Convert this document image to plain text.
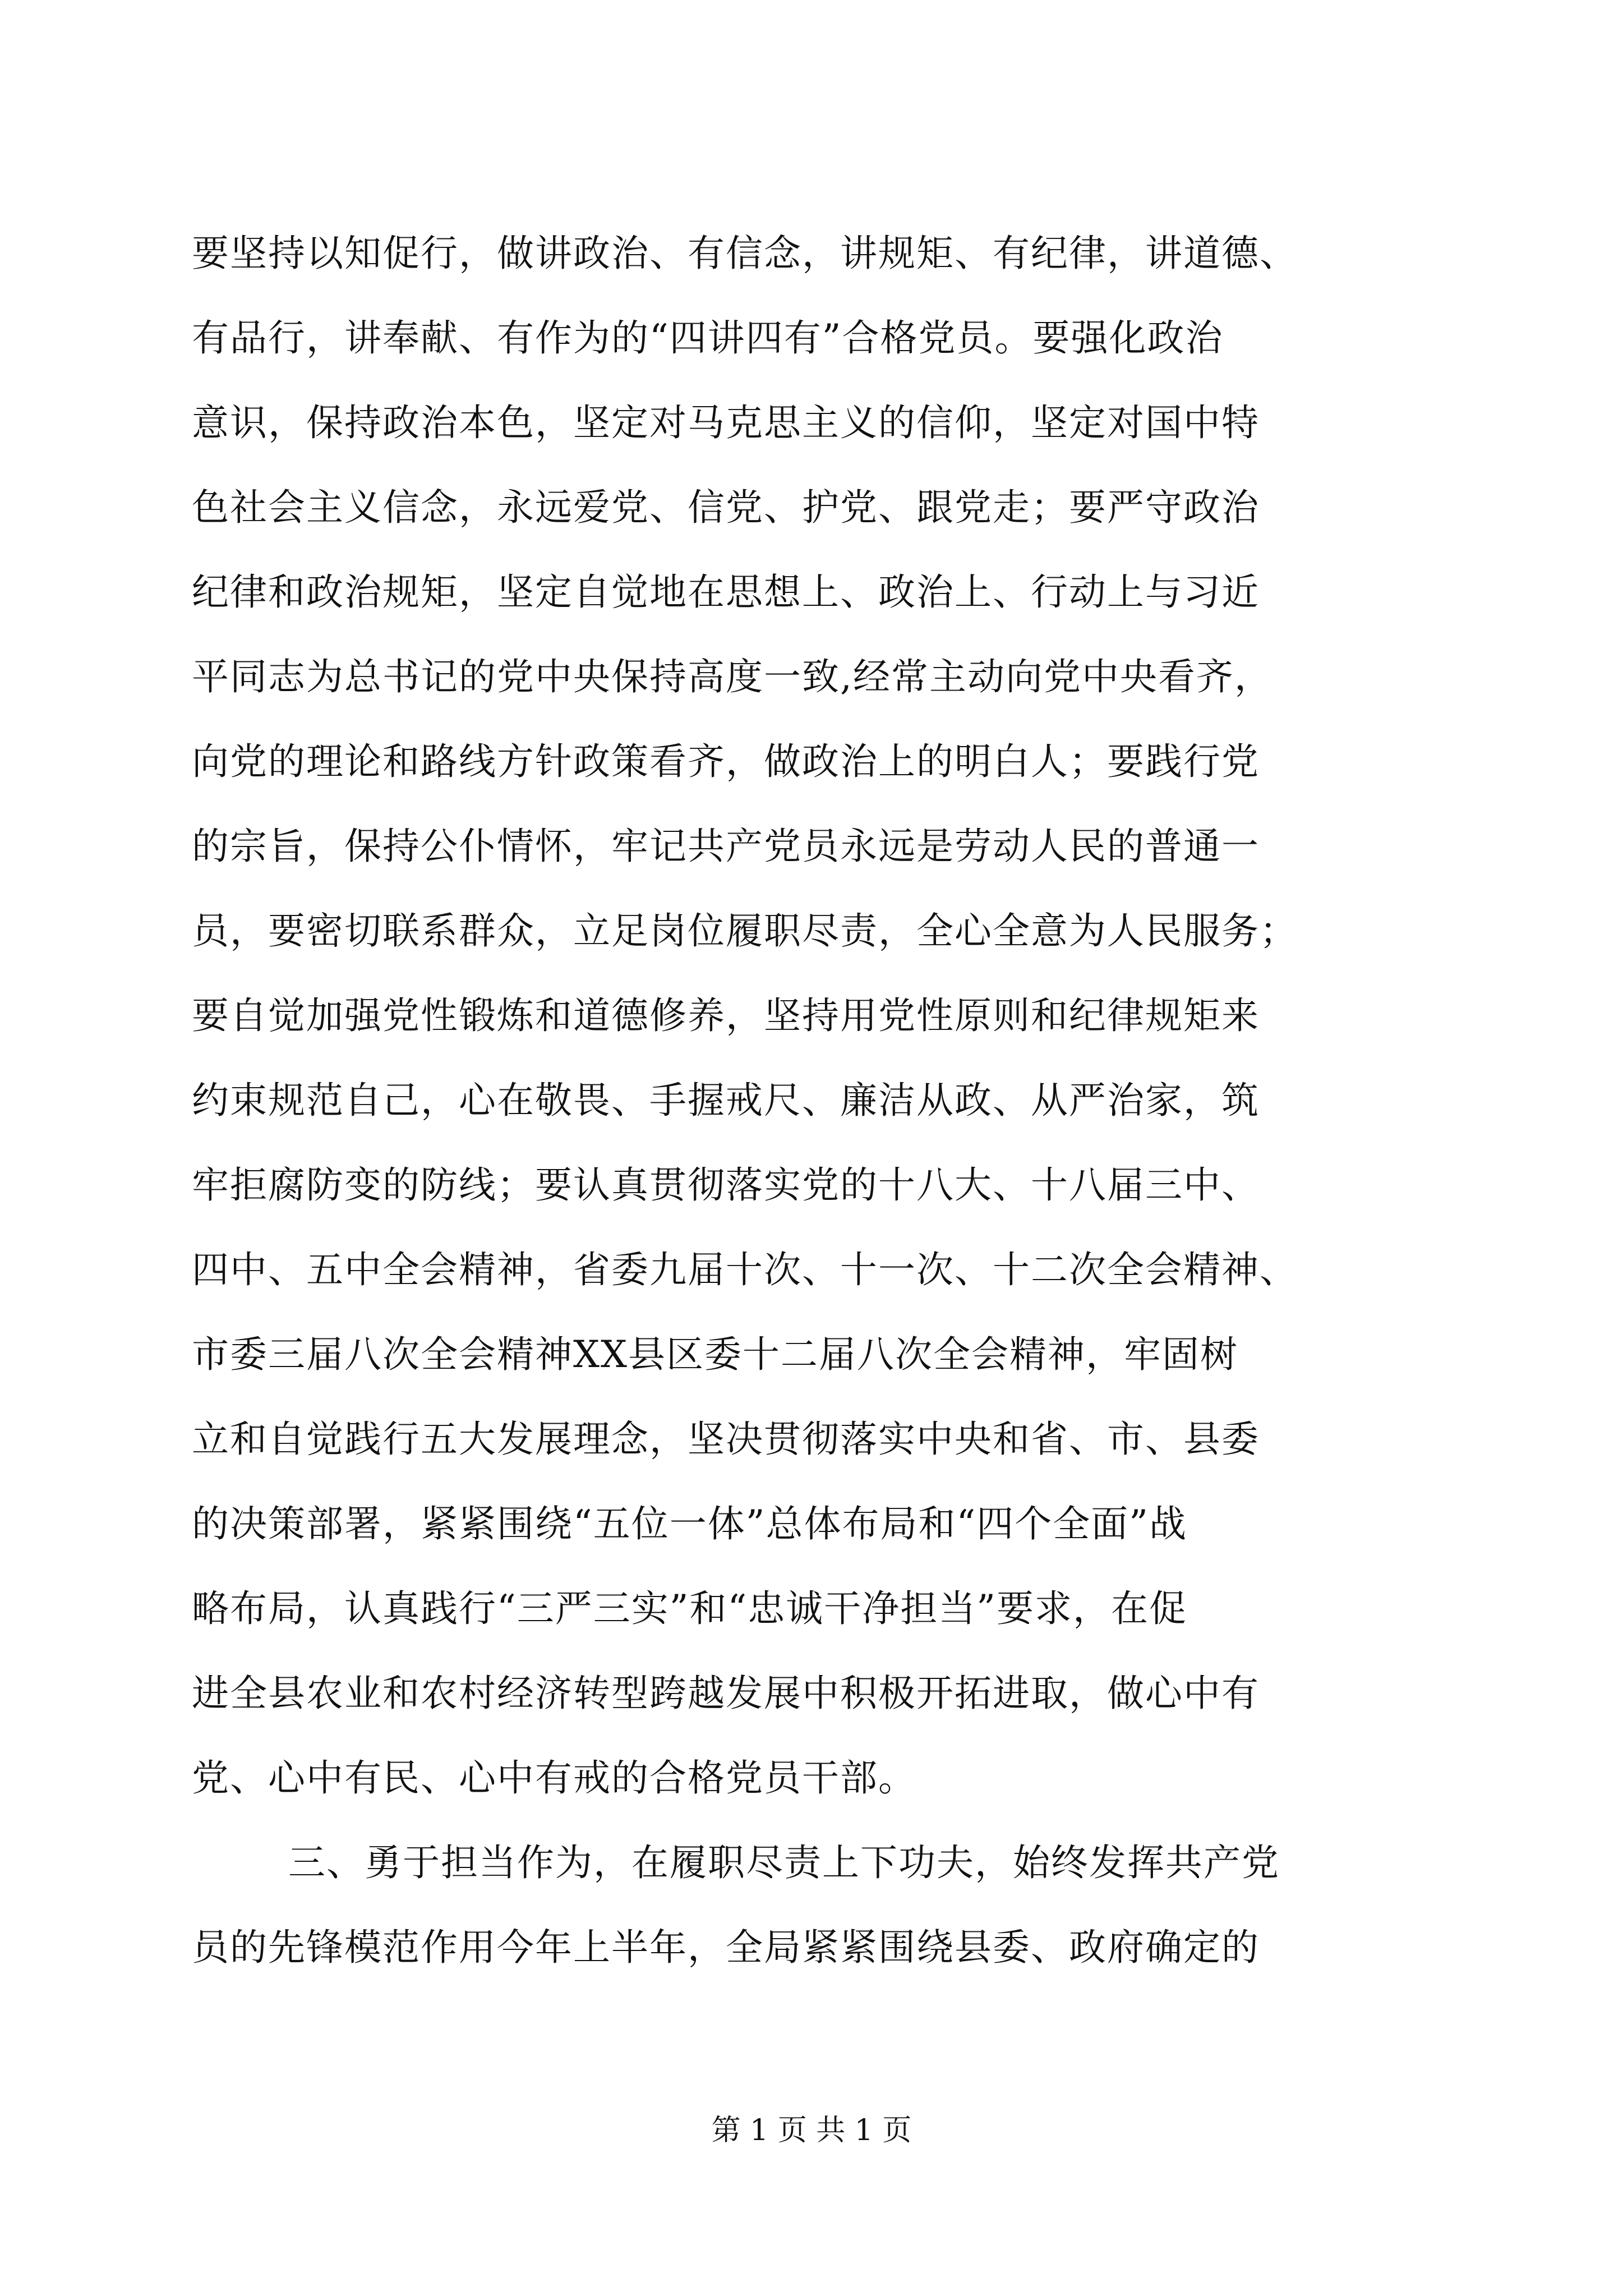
要坚持以知促行，做讲政治、有信念，讲规矩、有纪律，讲道德、
有品行，讲奉献、有作为的“四讲四有”合格党员。要强化政治
意识，保持政治本色，坚定对马克思主义的信仰，坚定对国中特
色社会主义信念，永远爱党、信党、护党、跟党走；要严守政治
纪律和政治规矩，坚定自觉地在思想上、政治上、行动上与习近
平同志为总书记的党中央保持高度一致,经常主动向党中央看齐，
向党的理论和路线方针政策看齐，做政治上的明白人；要践行党
的宗旨，保持公仆情怀，牢记共产党员永远是劳动人民的普通一
员，要密切联系群众，立足岗位履职尽责，全心全意为人民服务；
要自觉加强党性锻炼和道德修养，坚持用党性原则和纪律规矩来
约束规范自己，心在敬畏、手握戒尺、廉洁从政、从严治家，筑
牢拒腐防变的防线；要认真贯彻落实党的十八大、十八届三中、
四中、五中全会精神，省委九届十次、十一次、十二次全会精神、
市委三届八次全会精神XX县区委十二届八次全会精神，牢固树
立和自觉践行五大发展理念，坚决贯彻落实中央和省、市、县委
的决策部署，紧紧围绕“五位一体”总体布局和“四个全面”战
略布局，认真践行“三严三实”和“忠诚干净担当”要求，在促
进全县农业和农村经济转型跨越发展中积极开拓进取，做心中有
党、心中有民、心中有戒的合格党员干部。
三、勇于担当作为，在履职尽责上下功夫，始终发挥共产党
员的先锋模范作用今年上半年，全局紧紧围绕县委、政府确定的
第 1 页 共 1 页
